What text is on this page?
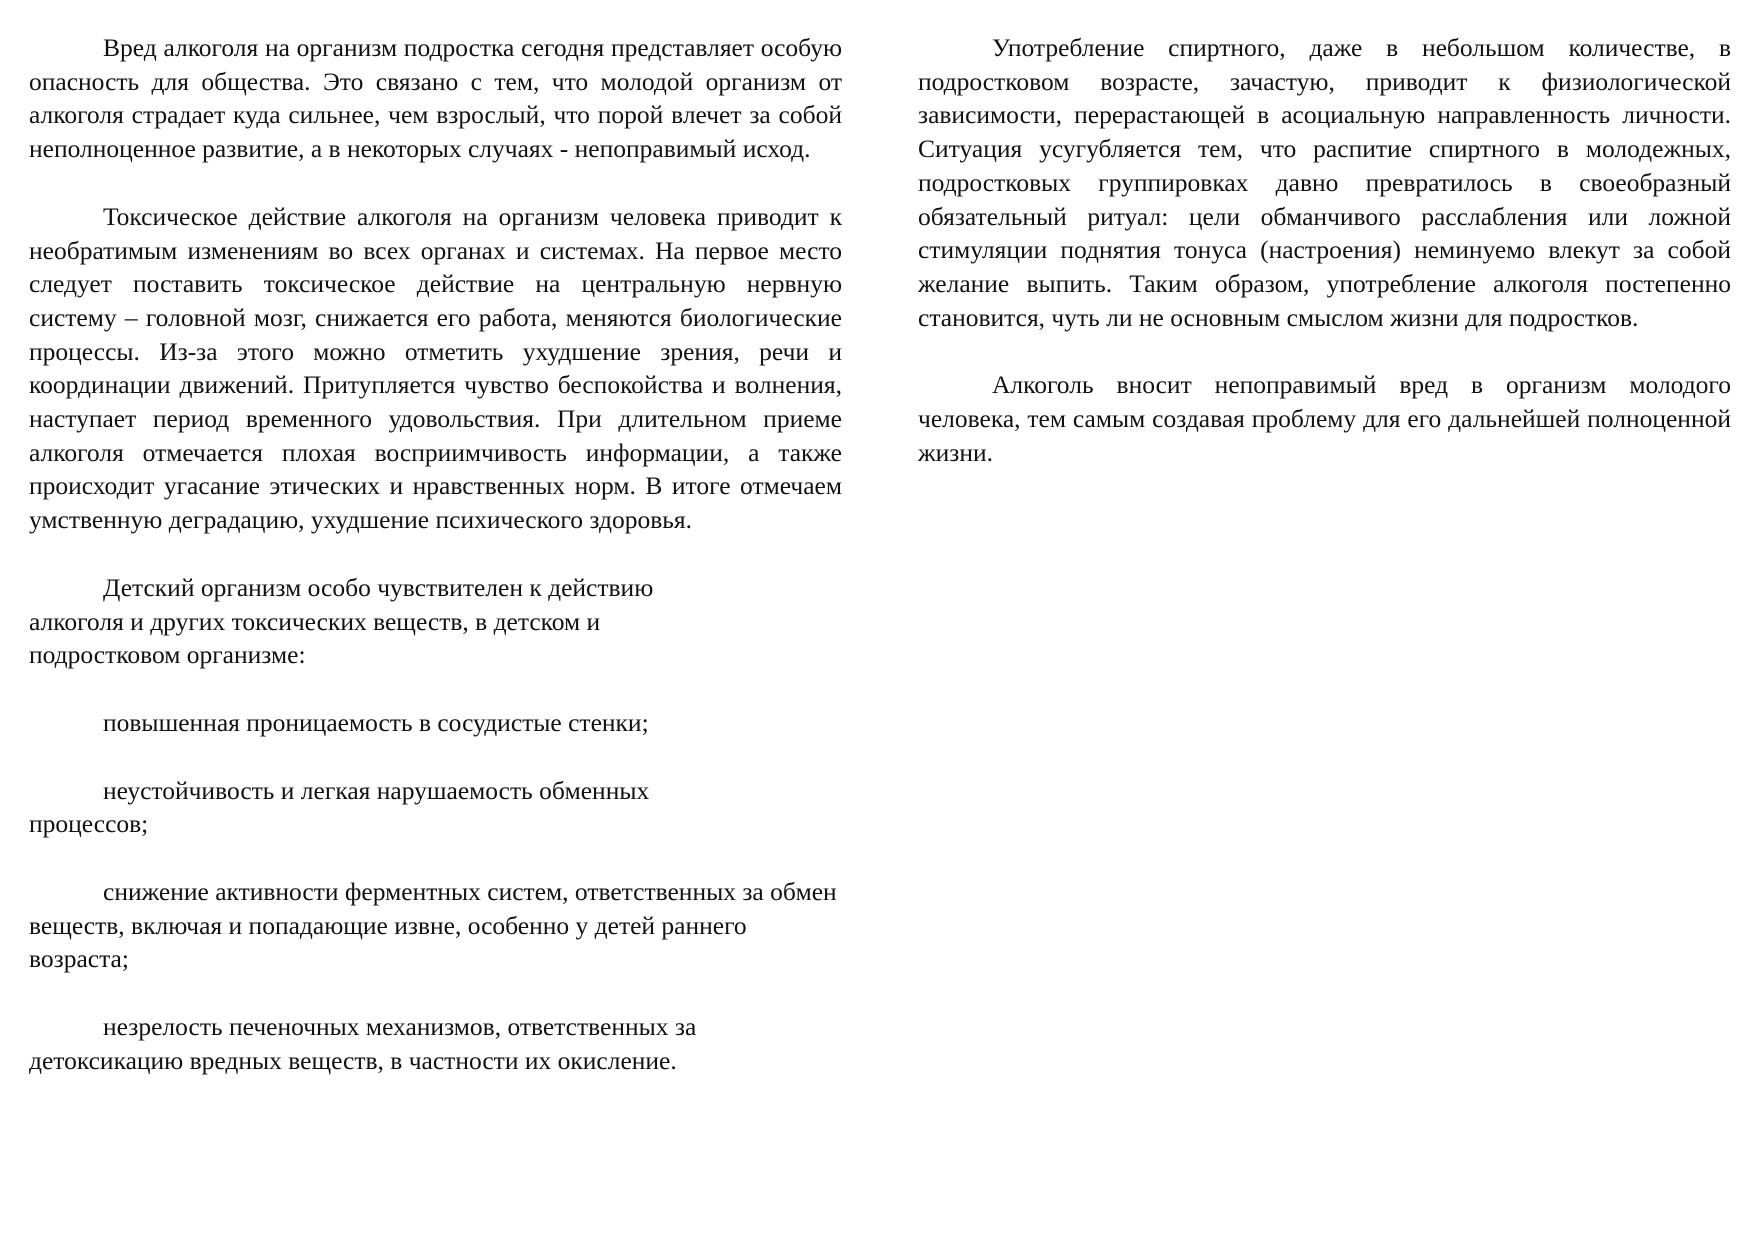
Вред алкоголя на организм подростка сегодня представляет особую опасность для общества. Это связано с тем, что молодой организм от алкоголя страдает куда сильнее, чем взрослый, что порой влечет за собой неполноценное развитие, а в некоторых случаях - непоправимый исход.

Токсическое действие алкоголя на организм человека приводит к необратимым изменениям во всех органах и системах. На первое место следует поставить токсическое действие на центральную нервную систему – головной мозг, снижается его работа, меняются биологические процессы. Из-за этого можно отметить ухудшение зрения, речи и координации движений. Притупляется чувство беспокойства и волнения, наступает период временного удовольствия. При длительном приеме алкоголя отмечается плохая восприимчивость информации, а также происходит угасание этических и нравственных норм. В итоге отмечаем умственную деградацию, ухудшение психического здоровья.

Детский организм особо чувствителен к действию алкоголя и других токсических веществ, в детском и подростковом организме:

повышенная проницаемость в сосудистые стенки;

неустойчивость и легкая нарушаемость обменных процессов;

снижение активности ферментных систем, ответственных за обмен веществ, включая и попадающие извне, особенно у детей раннего возраста;

незрелость печеночных механизмов, ответственных за детоксикацию вредных веществ, в частности их окисление.

Употребление спиртного, даже в небольшом количестве, в подростковом возрасте, зачастую, приводит к физиологической зависимости, перерастающей в асоциальную направленность личности. Ситуация усугубляется тем, что распитие спиртного в молодежных, подростковых группировках давно превратилось в своеобразный обязательный ритуал: цели обманчивого расслабления или ложной стимуляции поднятия тонуса (настроения) неминуемо влекут за собой желание выпить. Таким образом, употребление алкоголя постепенно становится, чуть ли не основным смыслом жизни для подростков.

Алкоголь вносит непоправимый вред в организм молодого человека, тем самым создавая проблему для его дальнейшей полноценной жизни.
